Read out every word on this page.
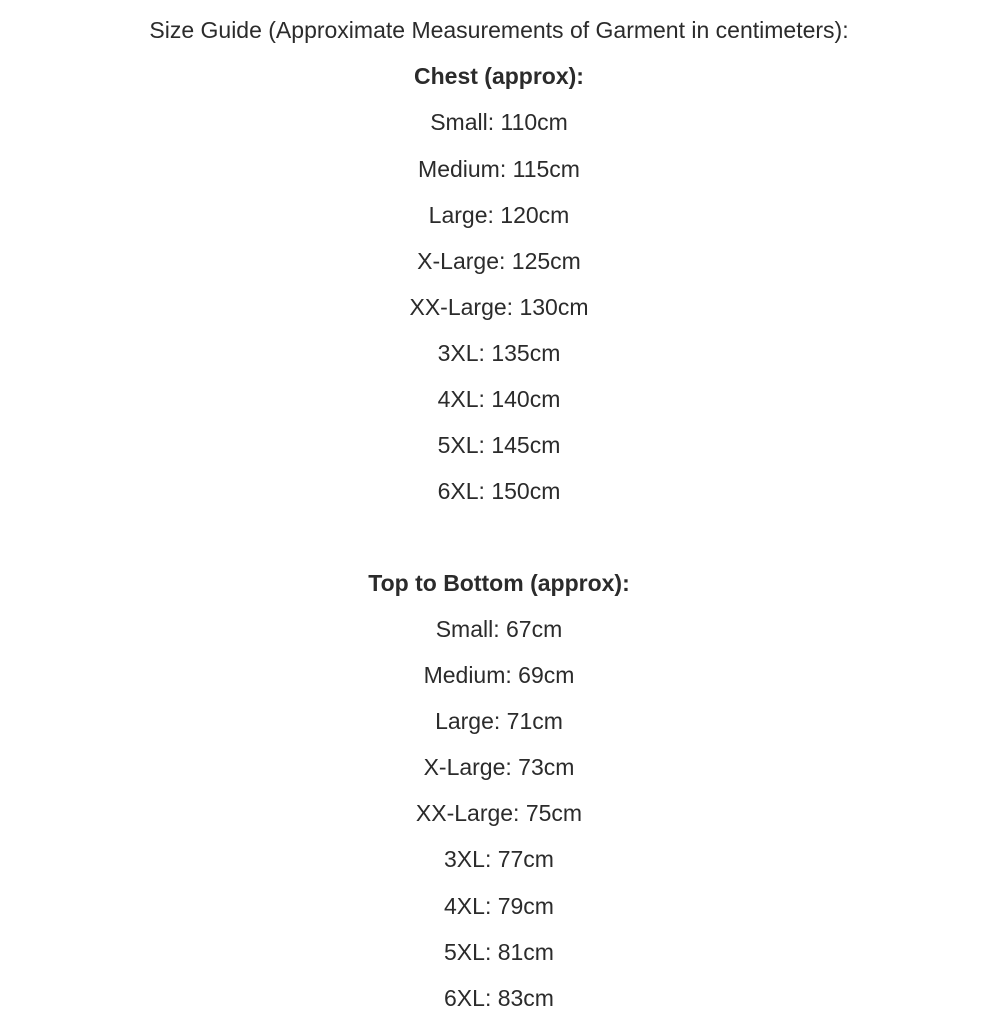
Size Guide (Approximate Measurements of Garment in centimeters):
Chest (approx):
Small: 110cm
Medium: 115cm
Large: 120cm
X-Large: 125cm
XX-Large: 130cm
3XL: 135cm
4XL: 140cm
5XL: 145cm
6XL: 150cm
Top to Bottom (approx):
Small: 67cm
Medium: 69cm
Large: 71cm
X-Large: 73cm
XX-Large: 75cm
3XL: 77cm
4XL: 79cm
5XL: 81cm
6XL: 83cm
